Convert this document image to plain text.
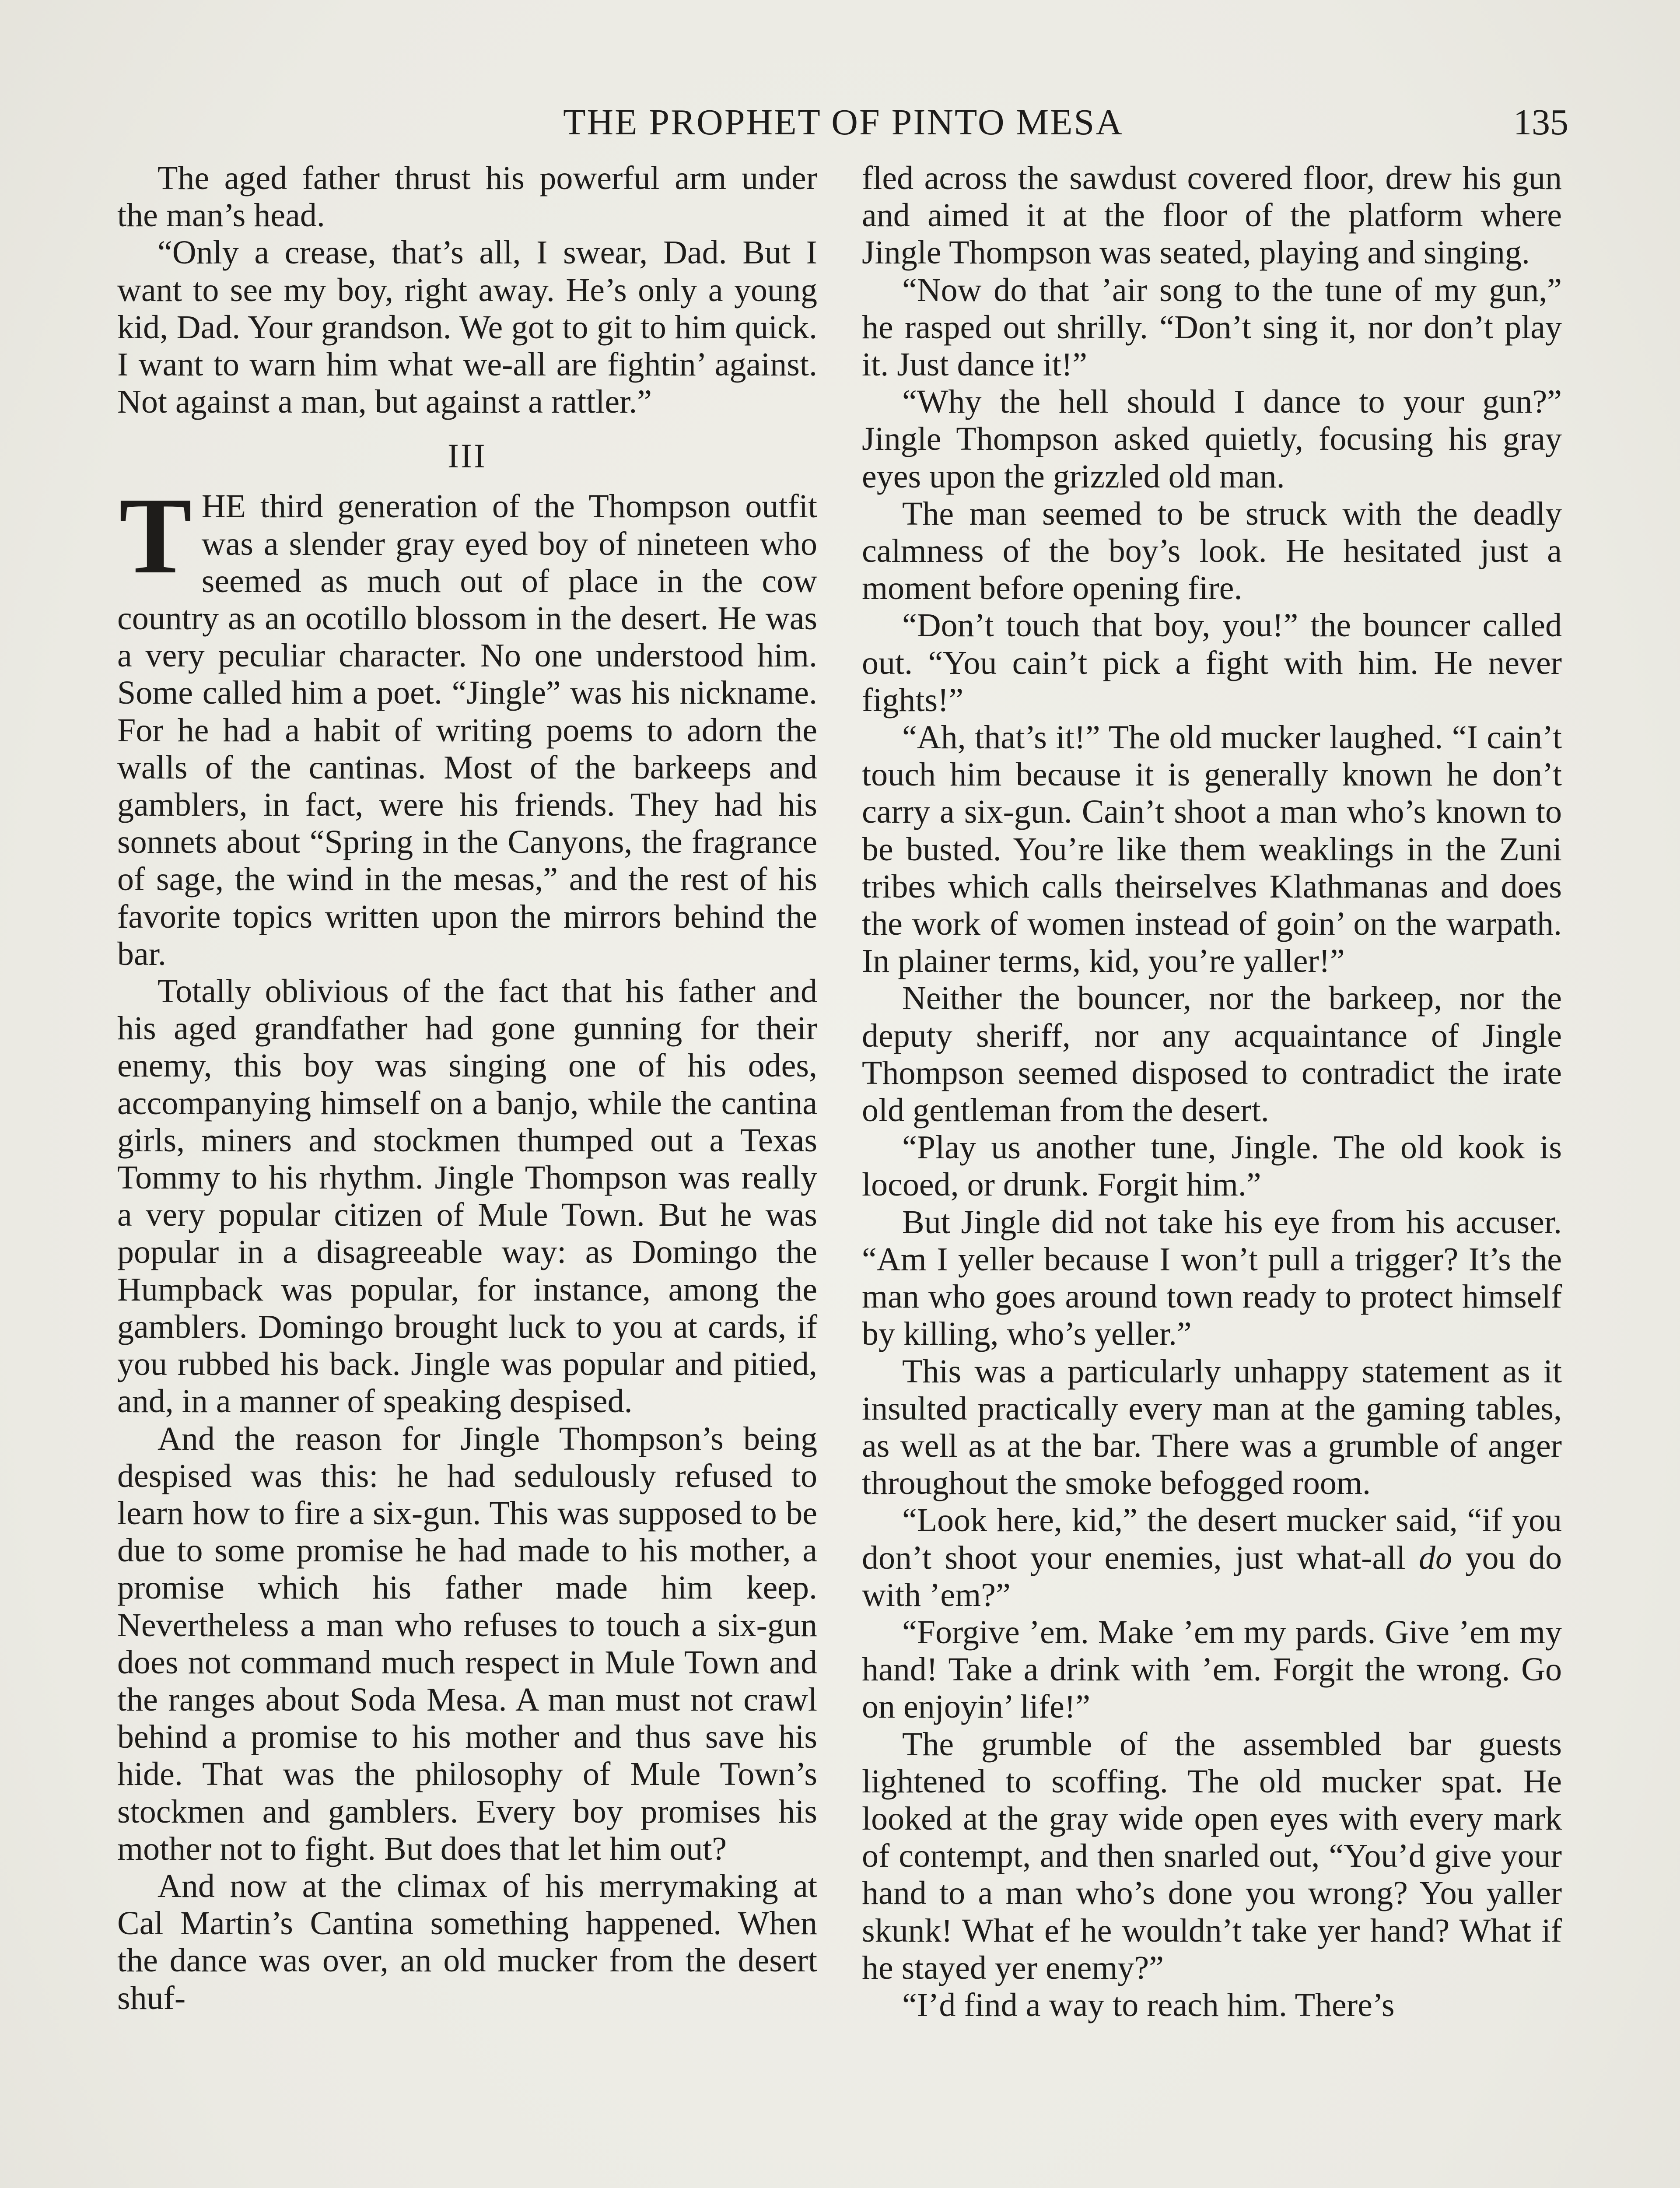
THE PROPHET OF PINTO MESA	135

The aged father thrust his powerful arm under the man’s head.

“Only a crease, that’s all, I swear, Dad. But I want to see my boy, right away. He’s only a young kid, Dad. Your grandson. We got to git to him quick. I want to warn him what we-all are fightin’ against. Not against a man, but against a rattler.”

III

THE third generation of the Thompson outfit was a slender gray eyed boy of nineteen who seemed as much out of place in the cow country as an ocotillo blossom in the desert. He was a very peculiar character. No one understood him. Some called him a poet. “Jingle” was his nickname. For he had a habit of writing poems to adorn the walls of the cantinas. Most of the barkeeps and gamblers, in fact, were his friends. They had his sonnets about “Spring in the Canyons, the fragrance of sage, the wind in the mesas,” and the rest of his favorite topics written upon the mirrors behind the bar.

Totally oblivious of the fact that his father and his aged grandfather had gone gunning for their enemy, this boy was singing one of his odes, accompanying himself on a banjo, while the cantina girls, miners and stockmen thumped out a Texas Tommy to his rhythm. Jingle Thompson was really a very popular citizen of Mule Town. But he was popular in a disagreeable way: as Domingo the Humpback was popular, for instance, among the gamblers. Domingo brought luck to you at cards, if you rubbed his back. Jingle was popular and pitied, and, in a manner of speaking despised.

And the reason for Jingle Thompson’s being despised was this: he had sedulously refused to learn how to fire a six-gun. This was supposed to be due to some promise he had made to his mother, a promise which his father made him keep. Nevertheless a man who refuses to touch a six-gun does not command much respect in Mule Town and the ranges about Soda Mesa. A man must not crawl behind a promise to his mother and thus save his hide. That was the philosophy of Mule Town’s stockmen and gamblers. Every boy promises his mother not to fight. But does that let him out?

And now at the climax of his merrymaking at Cal Martin’s Cantina something happened. When the dance was over, an old mucker from the desert shuf-

fled across the sawdust covered floor, drew his gun and aimed it at the floor of the platform where Jingle Thompson was seated, playing and singing.

“Now do that ’air song to the tune of my gun,” he rasped out shrilly. “Don’t sing it, nor don’t play it. Just dance it!”

“Why the hell should I dance to your gun?” Jingle Thompson asked quietly, focusing his gray eyes upon the grizzled old man.

The man seemed to be struck with the deadly calmness of the boy’s look. He hesitated just a moment before opening fire.

“Don’t touch that boy, you!” the bouncer called out. “You cain’t pick a fight with him. He never fights!”

“Ah, that’s it!” The old mucker laughed. “I cain’t touch him because it is generally known he don’t carry a six-gun. Cain’t shoot a man who’s known to be busted. You’re like them weaklings in the Zuni tribes which calls theirselves Klathmanas and does the work of women instead of goin’ on the warpath. In plainer terms, kid, you’re yaller!”

Neither the bouncer, nor the barkeep, nor the deputy sheriff, nor any acquaintance of Jingle Thompson seemed disposed to contradict the irate old gentleman from the desert.

“Play us another tune, Jingle. The old kook is locoed, or drunk. Forgit him.”

But Jingle did not take his eye from his accuser. “Am I yeller because I won’t pull a trigger? It’s the man who goes around town ready to protect himself by killing, who’s yeller.”

This was a particularly unhappy statement as it insulted practically every man at the gaming tables, as well as at the bar. There was a grumble of anger throughout the smoke befogged room.

“Look here, kid,” the desert mucker said, “if you don’t shoot your enemies, just what-all do you do with ’em?”

“Forgive ’em. Make ’em my pards. Give ’em my hand! Take a drink with ’em. Forgit the wrong. Go on enjoyin’ life!”

The grumble of the assembled bar guests lightened to scoffing. The old mucker spat. He looked at the gray wide open eyes with every mark of contempt, and then snarled out, “You’d give your hand to a man who’s done you wrong? You yaller skunk! What ef he wouldn’t take yer hand? What if he stayed yer enemy?”

“I’d find a way to reach him. There’s
